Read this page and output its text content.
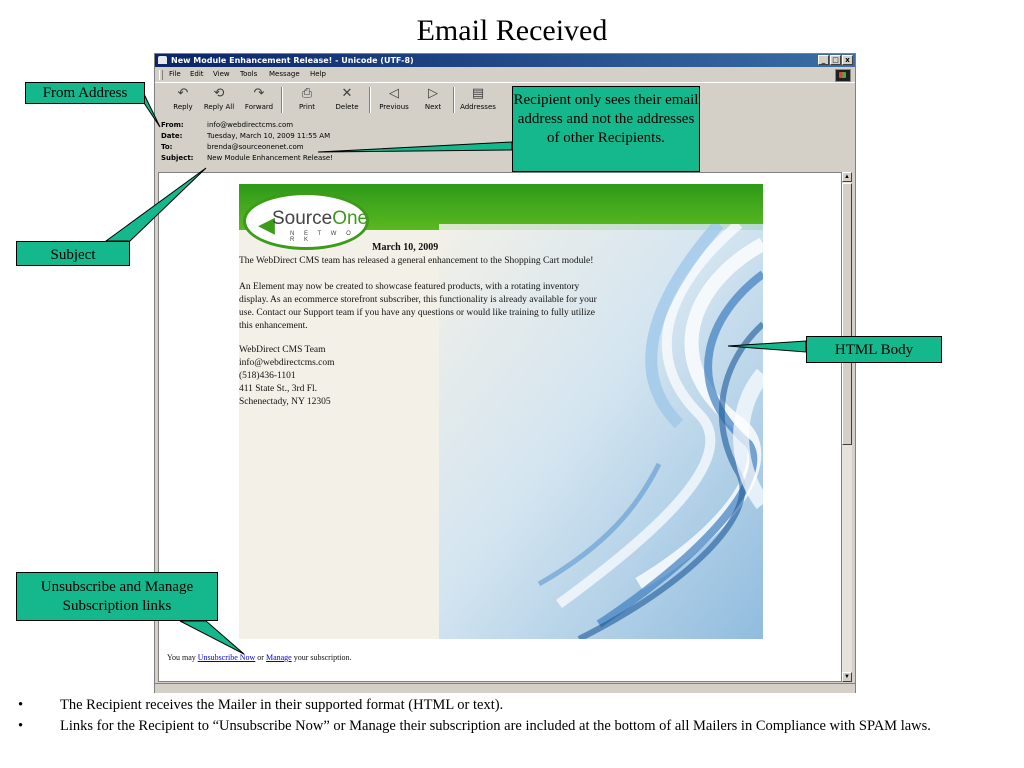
Email Received
New Module Enhancement Release! - Unicode (UTF-8)	_ □ x
File Edit View Tools Message Help
↶
Reply
⟲
Reply All
↷
Forward
⎙
Print
✕
Delete
◁
Previous
▷
Next
▤
Addresses
From:	info@webdirectcms.com
Date:	Tuesday, March 10, 2009 11:55 AM
To:	brenda@sourceonenet.com
Subject:	New Module Enhancement Release!
◀
SourceOne
N E T W O R K
March 10, 2009
The WebDirect CMS team has released a general enhancement to the Shopping Cart module!
An Element may now be created to showcase featured products, with a rotating inventory
display. As an ecommerce storefront subscriber, this functionality is already available for your
use. Contact our Support team if you have any questions or would like training to fully utilize
this enhancement.
WebDirect CMS Team
info@webdirectcms.com
(518)436-1101
411 State St., 3rd Fl.
Schenectady, NY 12305
You may Unsubscribe Now or Manage your subscription.
▲
▼
From Address	Recipient only sees their email address and not the addresses of other Recipients.
Subject
HTML Body
Unsubscribe and Manage Subscription links
•	The Recipient receives the Mailer in their supported format (HTML or text).
•	Links for the Recipient to “Unsubscribe Now” or Manage their subscription are included at the bottom of all Mailers in Compliance with SPAM laws.
